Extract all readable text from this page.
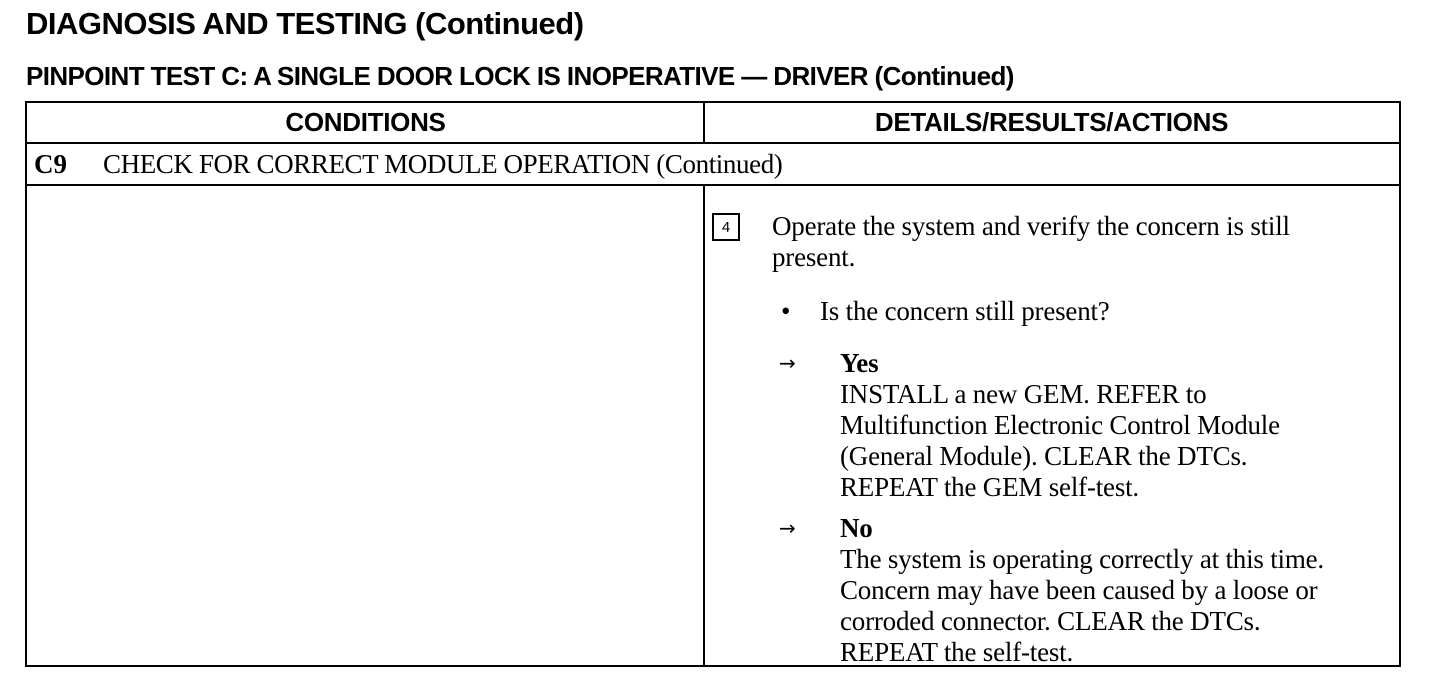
DIAGNOSIS AND TESTING (Continued)
PINPOINT TEST C: A SINGLE DOOR LOCK IS INOPERATIVE — DRIVER (Continued)
CONDITIONS	DETAILS/RESULTS/ACTIONS
C9 CHECK FOR CORRECT MODULE OPERATION (Continued)
4	Operate the system and verify the concern is still
present.

• Is the concern still present?

→ Yes

INSTALL a new GEM. REFER to
Multifunction Electronic Control Module
(General Module). CLEAR the DTCs.
REPEAT the GEM self-test.

→ No

The system is operating correctly at this time.
Concern may have been caused by a loose or
corroded connector. CLEAR the DTCs.
REPEAT the self-test.
